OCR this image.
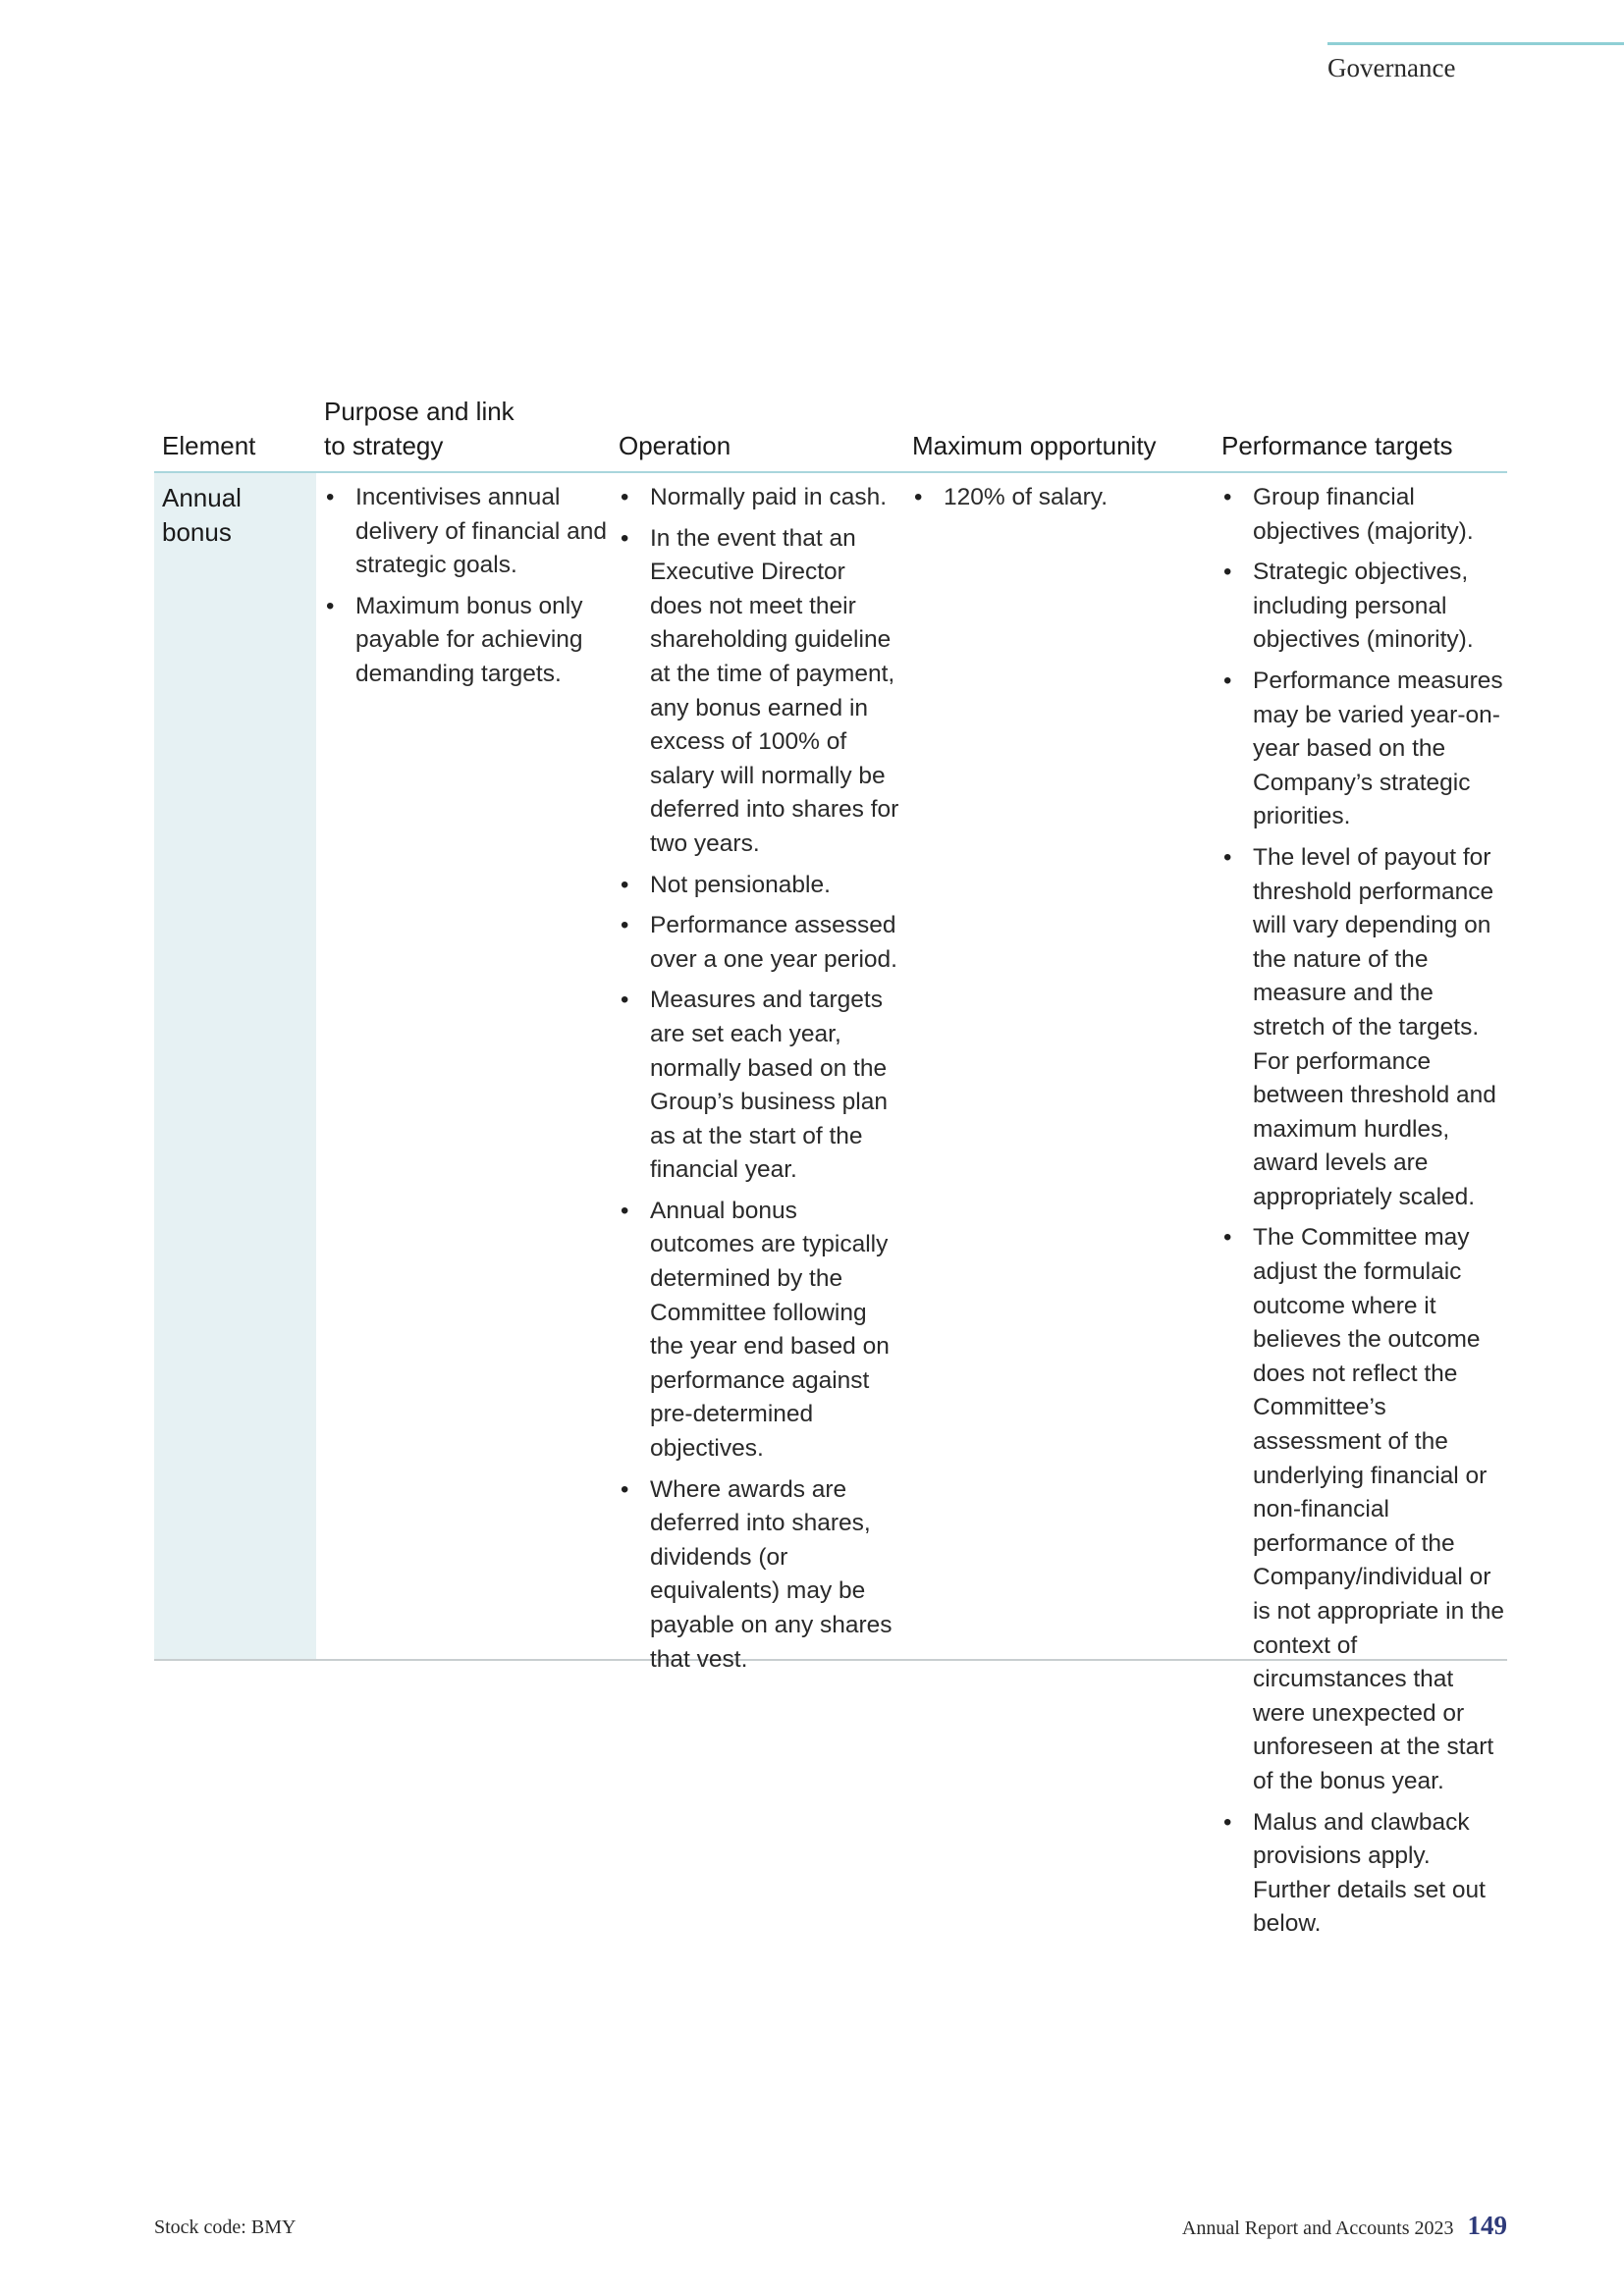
Governance
Element
Purpose and link
to strategy	Operation	Maximum opportunity	Performance targets

Annual
bonus

• Incentivises annual delivery of financial and strategic goals.
• Maximum bonus only payable for achieving demanding targets.
• Normally paid in cash.
• In the event that an Executive Director does not meet their shareholding guideline at the time of payment, any bonus earned in excess of 100% of salary will normally be deferred into shares for two years.
• Not pensionable.
• Performance assessed over a one year period.
• Measures and targets are set each year, normally based on the Group’s business plan as at the start of the financial year.
• Annual bonus outcomes are typically determined by the Committee following the year end based on performance against pre-determined objectives.
• Where awards are deferred into shares, dividends (or equivalents) may be payable on any shares that vest.
• 120% of salary.
•	Group financial objectives (majority).
• Strategic objectives, including personal objectives (minority).
• Performance measures may be varied year-on-year based on the Company’s strategic priorities.
• The level of payout for threshold performance will vary depending on the nature of the measure and the stretch of the targets. For performance between threshold and maximum hurdles, award levels are appropriately scaled.
• The Committee may adjust the formulaic outcome where it believes the outcome does not reflect the Committee’s assessment of the underlying financial or non-financial performance of the Company/individual or is not appropriate in the context of circumstances that were unexpected or unforeseen at the start of the bonus year.
• Malus and clawback provisions apply. Further details set out below.
Stock code: BMY	Annual Report and Accounts 2023 149
